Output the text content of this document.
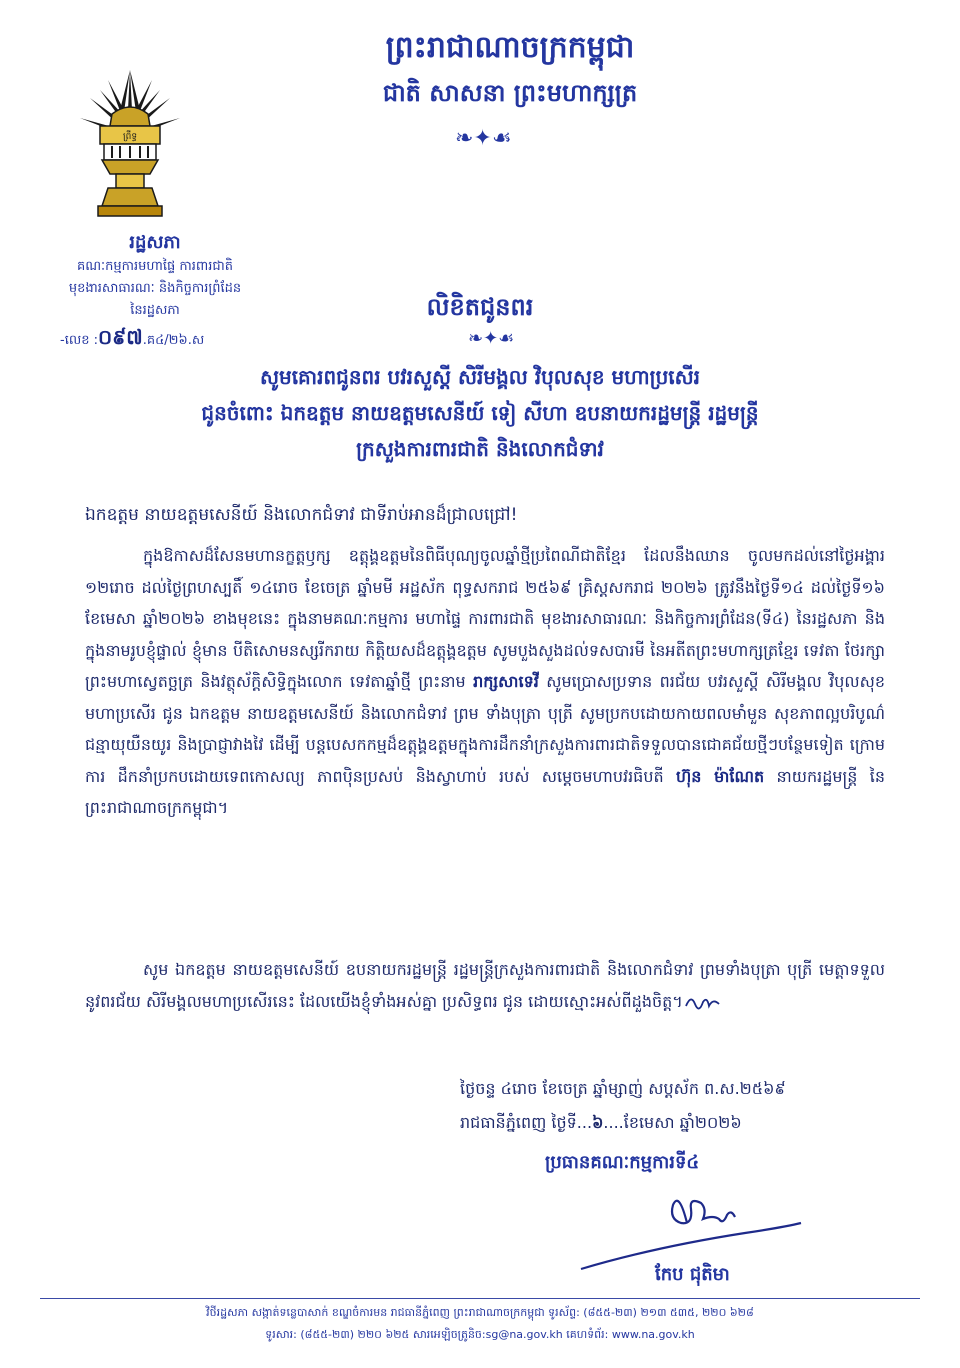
ព្រះរាជាណាចក្រកម្ពុជា
ជាតិ សាសនា ព្រះមហាក្សត្រ
❧✦☙
ព្រឹទ្ធ
រដ្ឋសភា
គណៈកម្មការមហាផ្ទៃ ការពារជាតិ
មុខងារសាធារណៈ និងកិច្ចការព្រំដែន
នៃរដ្ឋសភា
-លេខ :០៩៧.គ៤/២៦.ស
លិខិតជូនពរ
❧✦☙
សូមគោរពជូនពរ បវរសួស្តី សិរីមង្គល វិបុលសុខ មហាប្រសើរ
ជូនចំពោះ ឯកឧត្តម នាយឧត្តមសេនីយ៍ ទៀ សីហា ឧបនាយករដ្ឋមន្ត្រី រដ្ឋមន្ត្រី
ក្រសួងការពារជាតិ និងលោកជំទាវ
ឯកឧត្តម នាយឧត្តមសេនីយ៍ និងលោកជំទាវ ជាទីរាប់អានដ៏ជ្រាលជ្រៅ!

ក្នុងឱកាសដ៏សែនមហានក្ខត្តឫក្ស ឧត្តុង្គឧត្តមនៃពិធីបុណ្យចូលឆ្នាំថ្មីប្រពៃណីជាតិខ្មែរ ដែលនឹងឈាន ចូលមកដល់នៅថ្ងៃអង្គារ ១២រោច ដល់ថ្ងៃព្រហស្បតិ៍ ១៤រោច ខែចេត្រ ឆ្នាំមមី អដ្ឋស័ក ពុទ្ធសករាជ ២៥៦៩ គ្រិស្តសករាជ ២០២៦ ត្រូវនឹងថ្ងៃទី១៤ ដល់ថ្ងៃទី១៦ ខែមេសា ឆ្នាំ២០២៦ ខាងមុខនេះ ក្នុងនាមគណៈកម្មការ មហាផ្ទៃ ការពារជាតិ មុខងារសាធារណៈ និងកិច្ចការព្រំដែន(ទី៤) នៃរដ្ឋសភា និងក្នុងនាមរូបខ្ញុំផ្ទាល់ ខ្ញុំមាន បីតិសោមនស្សរីករាយ កិត្តិយសដ៏ឧត្តុង្គឧត្តម សូមបួងសួងដល់ទសបារមី នៃអតីតព្រះមហាក្សត្រខ្មែរ ទេវតា ថែរក្សាព្រះមហាស្វេតច្ឆត្រ និងវត្ថុស័ក្តិសិទ្ធិក្នុងលោក ទេវតាឆ្នាំថ្មី ព្រះនាម រាក្សសាទេវី សូមប្រោសប្រទាន ពរជ័យ បវរសួស្តី សិរីមង្គល វិបុលសុខមហាប្រសើរ ជូន ឯកឧត្តម នាយឧត្តមសេនីយ៍ និងលោកជំទាវ ព្រម ទាំងបុត្រា បុត្រី សូមប្រកបដោយកាយពលមាំមួន សុខភាពល្អបរិបូណ៌ ជន្មាយុយឺនយូរ និងប្រាជ្ញាវាងវៃ ដើម្បី បន្តបេសកកម្មដ៏ឧត្តុង្គឧត្តមក្នុងការដឹកនាំក្រសួងការពារជាតិទទួលបានជោគជ័យថ្មីៗបន្ថែមទៀត ក្រោមការ ដឹកនាំប្រកបដោយទេពកោសល្យ ភាពប៉ិនប្រសប់ និងស្វាហាប់ របស់ សម្តេចមហាបវរធិបតី ហ៊ុន ម៉ាណែត នាយករដ្ឋមន្ត្រី នៃព្រះរាជាណាចក្រកម្ពុជា។

សូម ឯកឧត្តម នាយឧត្តមសេនីយ៍ ឧបនាយករដ្ឋមន្ត្រី រដ្ឋមន្ត្រីក្រសួងការពារជាតិ និងលោកជំទាវ ព្រមទាំងបុត្រា បុត្រី មេត្តាទទួលនូវពរជ័យ សិរីមង្គលមហាប្រសើរនេះ ដែលយើងខ្ញុំទាំងអស់គ្នា ប្រសិទ្ធពរ ជូន ដោយស្មោះអស់ពីដួងចិត្ត។

ថ្ងៃចន្ទ ៤រោច ខែចេត្រ ឆ្នាំម្សាញ់ សប្តស័ក ព.ស.២៥៦៩
រាជធានីភ្នំពេញ ថ្ងៃទី...៦....ខែមេសា ឆ្នាំ២០២៦
ប្រធានគណៈកម្មការទី៤
កែប ជុតិមា
វិថីរដ្ឋសភា សង្កាត់ទន្លេបាសាក់ ខណ្ឌចំការមន រាជធានីភ្នំពេញ ព្រះរាជាណាចក្រកម្ពុជា ទូរស័ព្ទ: (៨៥៥-២៣) ២១៣ ៥៣៥, ២២០ ៦២៨
ទូរសារ: (៨៥៥-២៣) ២២០ ៦២៥ សារអេឡិចត្រូនិច:sg@na.gov.kh គេហទំព័រ: www.na.gov.kh
